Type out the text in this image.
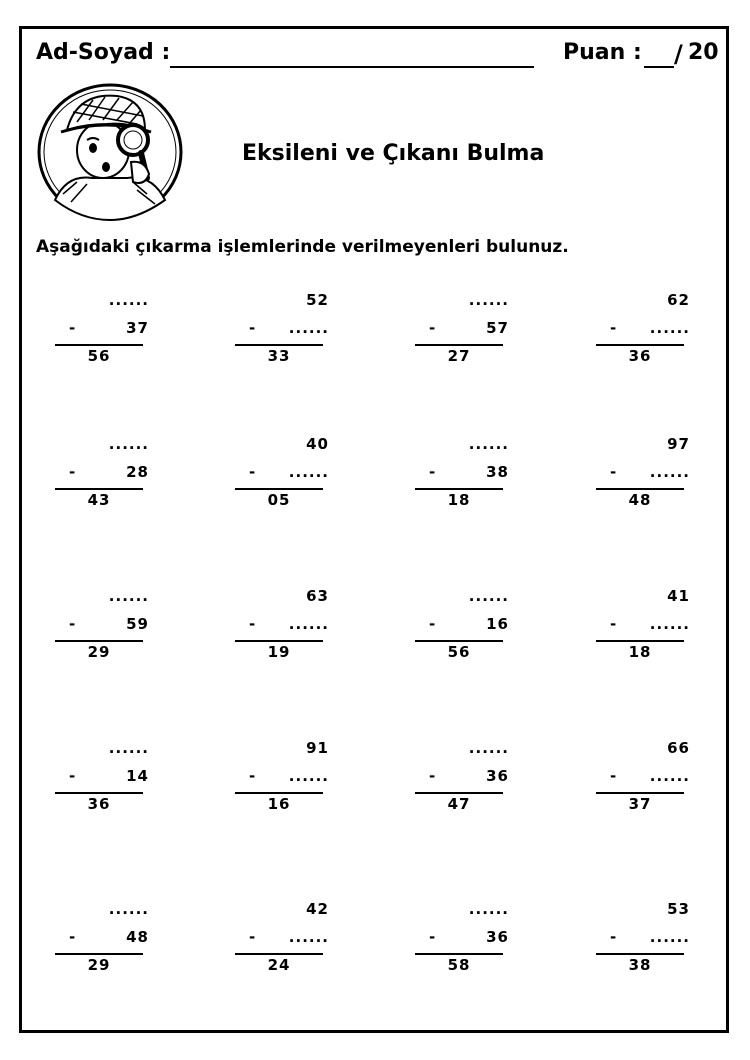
Ad-Soyad :	Puan : / 20
Eksileni ve Çıkanı Bulma
Aşağıdaki çıkarma işlemlerinde verilmeyenleri bulunuz.
......
-	37
56
52
- ......
33
......
-	57
27
62
- ......
36
......
-	28
43
40
- ......
05
......
-	38
18
97
- ......
48
......
-	59
29
63
- ......
19
......
-	16
56
41
- ......
18
......
-	14
36
91
- ......
16
......
-	36
47
66
- ......
37
......
-	48
29
42
- ......
24
......
-	36
58
53
- ......
38
